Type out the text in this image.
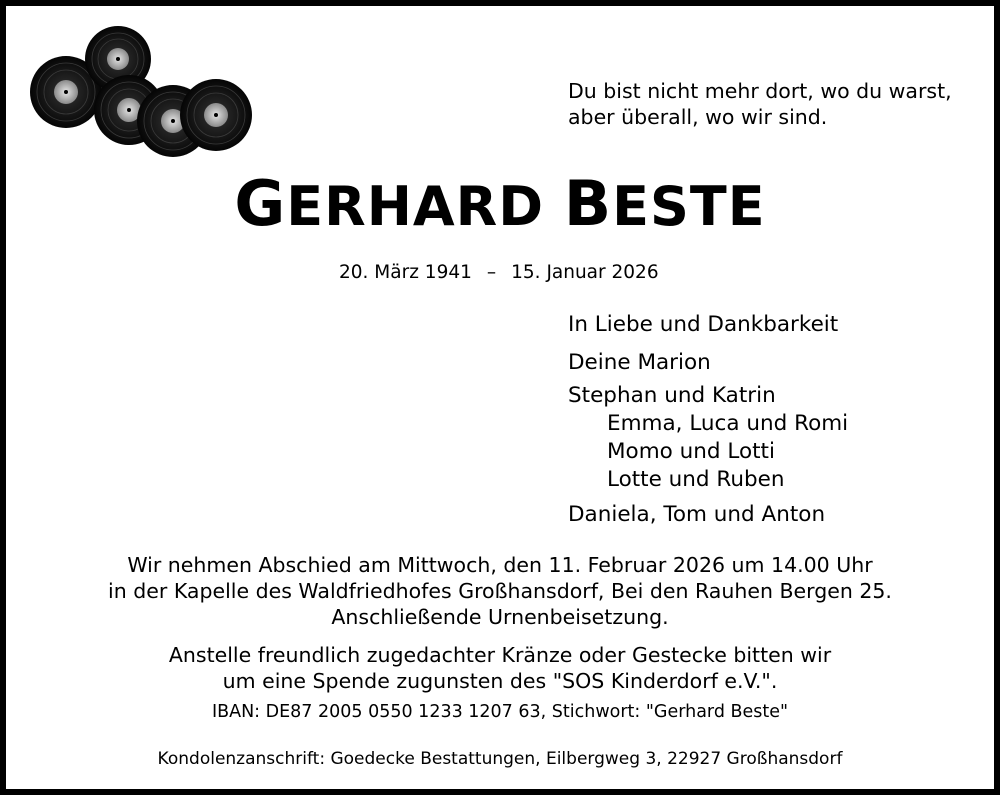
Du bist nicht mehr dort, wo du warst,
aber überall, wo wir sind.
GERHARD BESTE
20. März 1941 – 15. Januar 2026
In Liebe und Dankbarkeit
Deine Marion
Stephan und Katrin
Emma, Luca und Romi
Momo und Lotti
Lotte und Ruben
Daniela, Tom und Anton
Wir nehmen Abschied am Mittwoch, den 11. Februar 2026 um 14.00 Uhr
in der Kapelle des Waldfriedhofes Großhansdorf, Bei den Rauhen Bergen 25.
Anschließende Urnenbeisetzung.
Anstelle freundlich zugedachter Kränze oder Gestecke bitten wir
um eine Spende zugunsten des "SOS Kinderdorf e.V.".
IBAN: DE87 2005 0550 1233 1207 63, Stichwort: "Gerhard Beste"
Kondolenzanschrift: Goedecke Bestattungen, Eilbergweg 3, 22927 Großhansdorf
